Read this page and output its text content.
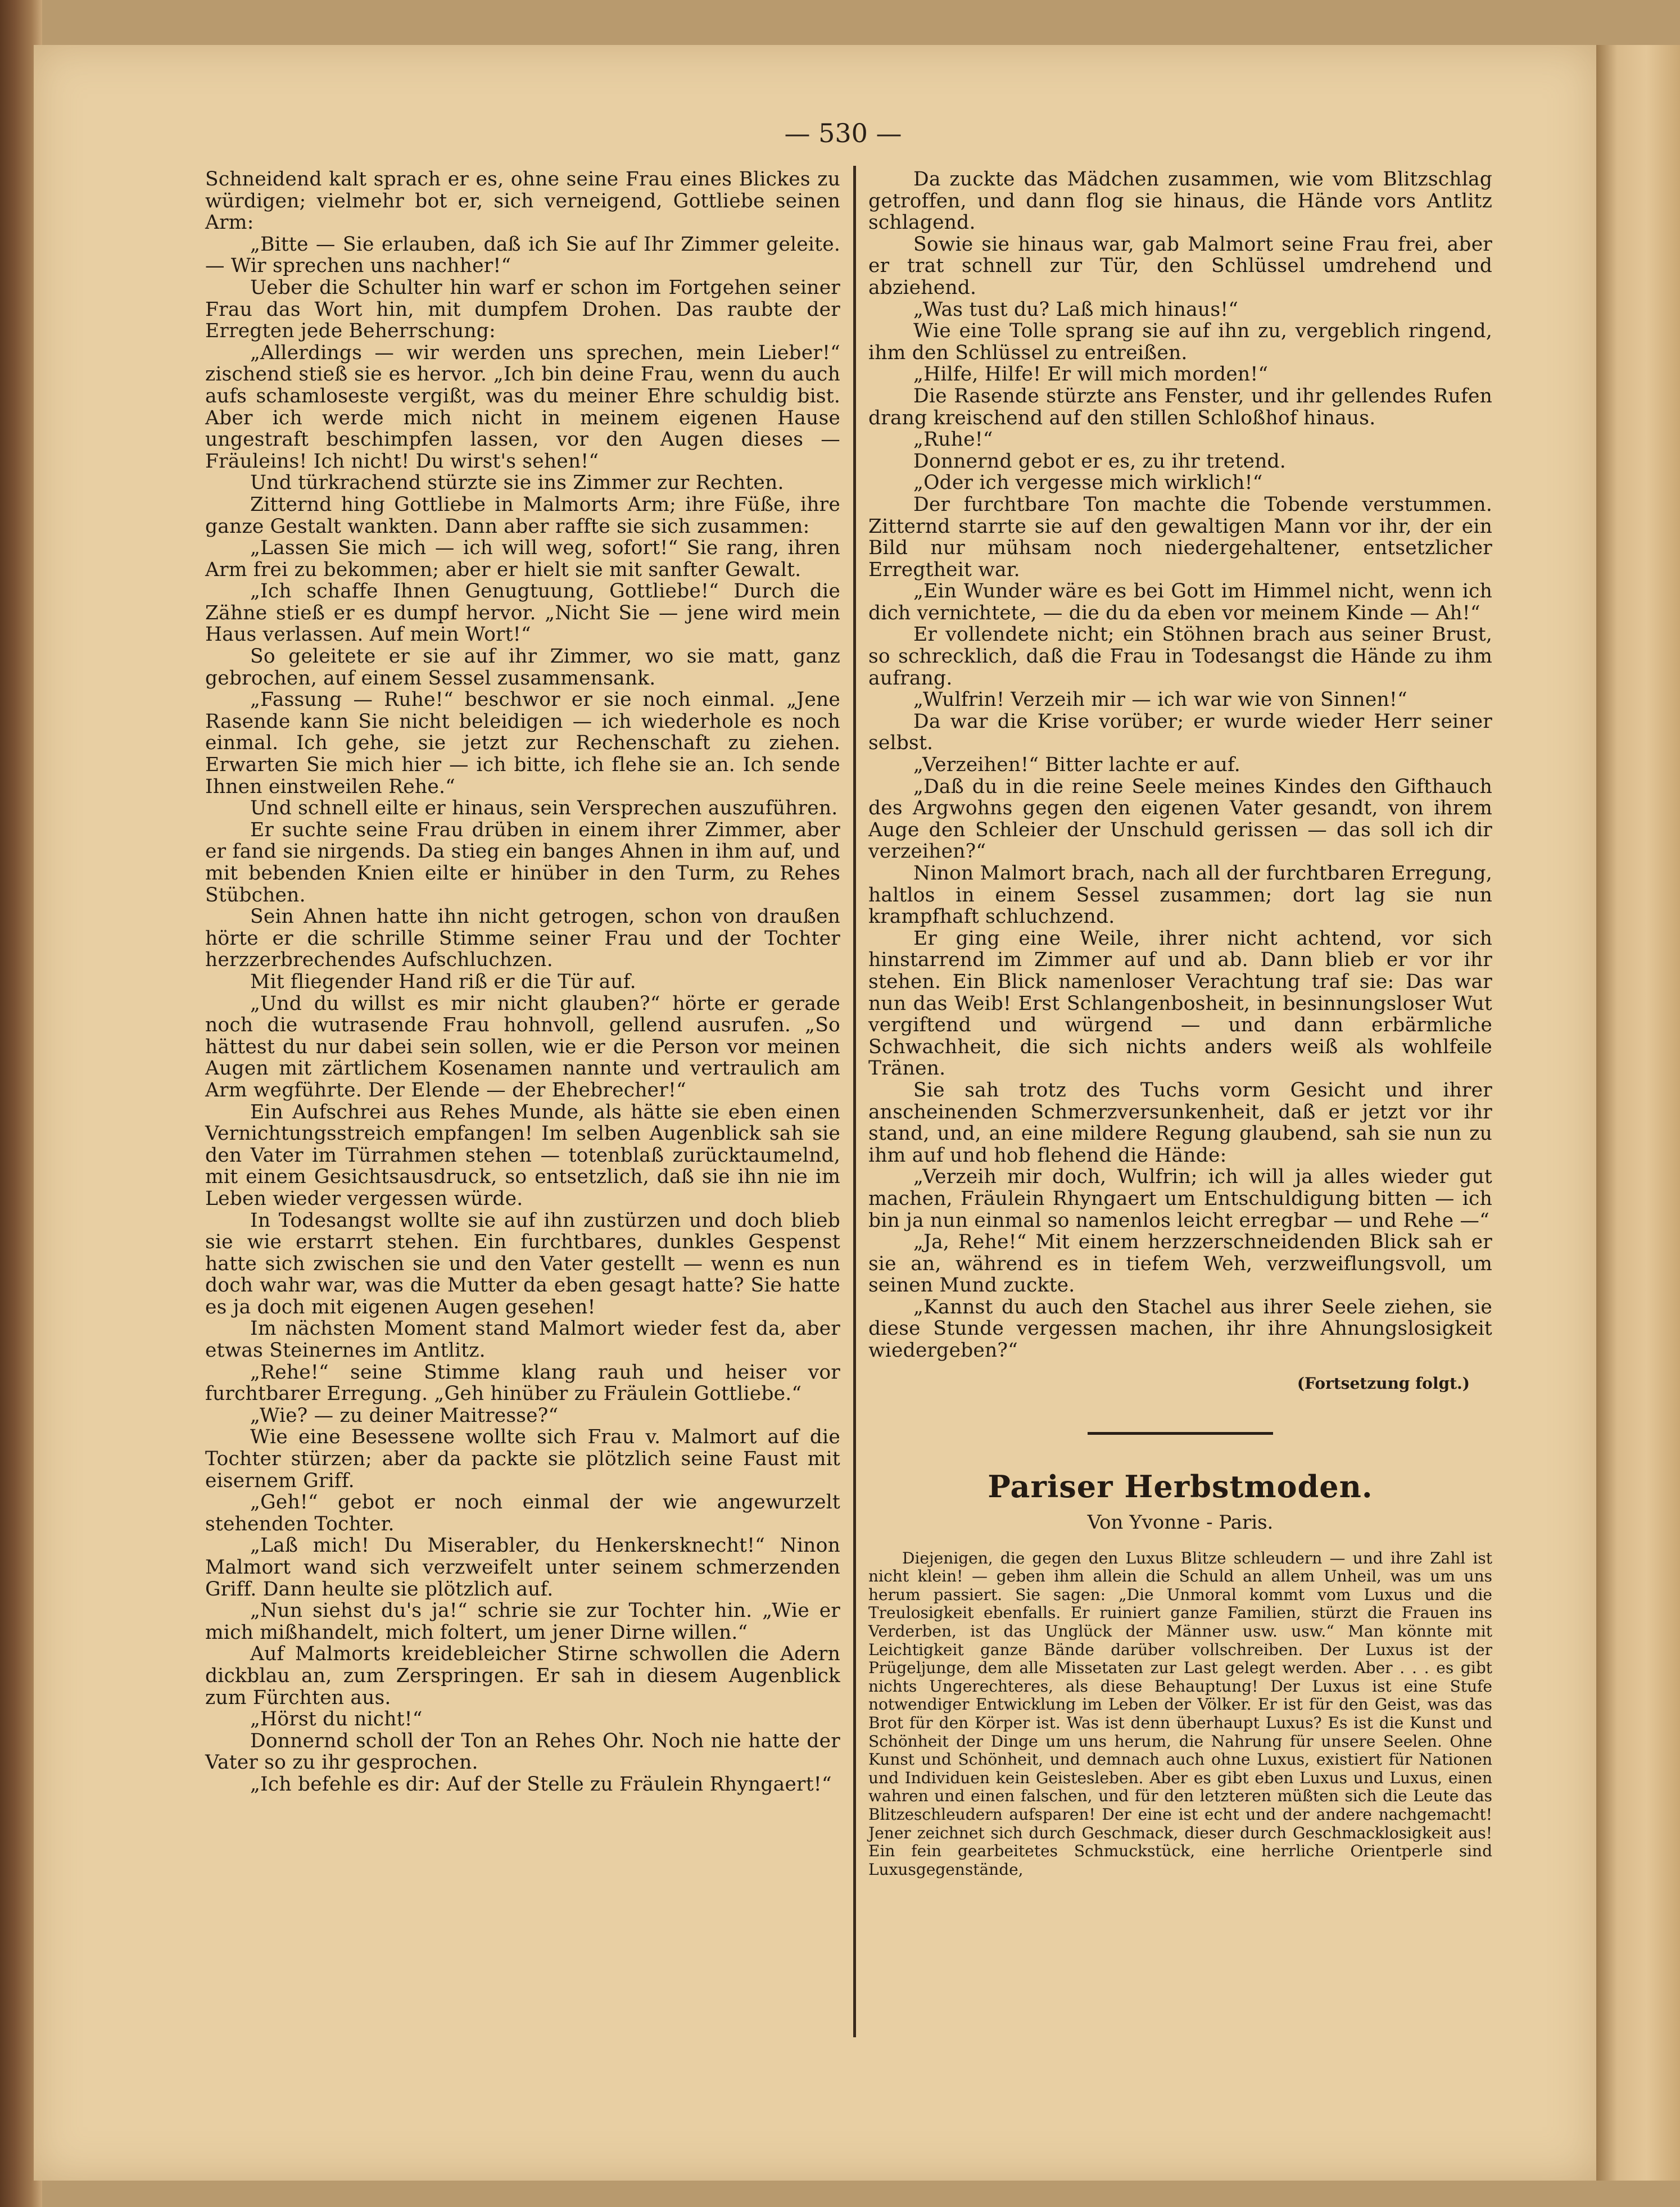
— 530 —

Schneidend kalt sprach er es, ohne seine Frau eines Blickes zu würdigen; vielmehr bot er, sich verneigend, Gottliebe seinen Arm:

„Bitte — Sie erlauben, daß ich Sie auf Ihr Zimmer geleite. — Wir sprechen uns nachher!“

Ueber die Schulter hin warf er schon im Fortgehen seiner Frau das Wort hin, mit dumpfem Drohen. Das raubte der Erregten jede Beherrschung:

„Allerdings — wir werden uns sprechen, mein Lieber!“ zischend stieß sie es hervor. „Ich bin deine Frau, wenn du auch aufs schamloseste vergißt, was du meiner Ehre schuldig bist. Aber ich werde mich nicht in meinem eigenen Hause ungestraft beschimpfen lassen, vor den Augen dieses — Fräuleins! Ich nicht! Du wirst's sehen!“

Und türkrachend stürzte sie ins Zimmer zur Rechten.

Zitternd hing Gottliebe in Malmorts Arm; ihre Füße, ihre ganze Gestalt wankten. Dann aber raffte sie sich zusammen:

„Lassen Sie mich — ich will weg, sofort!“ Sie rang, ihren Arm frei zu bekommen; aber er hielt sie mit sanfter Gewalt.

„Ich schaffe Ihnen Genugtuung, Gottliebe!“ Durch die Zähne stieß er es dumpf hervor. „Nicht Sie — jene wird mein Haus verlassen. Auf mein Wort!“

So geleitete er sie auf ihr Zimmer, wo sie matt, ganz gebrochen, auf einem Sessel zusammensank.

„Fassung — Ruhe!“ beschwor er sie noch einmal. „Jene Rasende kann Sie nicht beleidigen — ich wiederhole es noch einmal. Ich gehe, sie jetzt zur Rechenschaft zu ziehen. Erwarten Sie mich hier — ich bitte, ich flehe sie an. Ich sende Ihnen einstweilen Rehe.“

Und schnell eilte er hinaus, sein Versprechen auszuführen.

Er suchte seine Frau drüben in einem ihrer Zimmer, aber er fand sie nirgends. Da stieg ein banges Ahnen in ihm auf, und mit bebenden Knien eilte er hinüber in den Turm, zu Rehes Stübchen.

Sein Ahnen hatte ihn nicht getrogen, schon von draußen hörte er die schrille Stimme seiner Frau und der Tochter herzzerbrechendes Aufschluchzen.

Mit fliegender Hand riß er die Tür auf.

„Und du willst es mir nicht glauben?“ hörte er gerade noch die wutrasende Frau hohnvoll, gellend ausrufen. „So hättest du nur dabei sein sollen, wie er die Person vor meinen Augen mit zärtlichem Kosenamen nannte und vertraulich am Arm wegführte. Der Elende — der Ehebrecher!“

Ein Aufschrei aus Rehes Munde, als hätte sie eben einen Vernichtungsstreich empfangen! Im selben Augenblick sah sie den Vater im Türrahmen stehen — totenblaß zurücktaumelnd, mit einem Gesichtsausdruck, so entsetzlich, daß sie ihn nie im Leben wieder vergessen würde.

In Todesangst wollte sie auf ihn zustürzen und doch blieb sie wie erstarrt stehen. Ein furchtbares, dunkles Gespenst hatte sich zwischen sie und den Vater gestellt — wenn es nun doch wahr war, was die Mutter da eben gesagt hatte? Sie hatte es ja doch mit eigenen Augen gesehen!

Im nächsten Moment stand Malmort wieder fest da, aber etwas Steinernes im Antlitz.

„Rehe!“ seine Stimme klang rauh und heiser vor furchtbarer Erregung. „Geh hinüber zu Fräulein Gottliebe.“

„Wie? — zu deiner Maitresse?“

Wie eine Besessene wollte sich Frau v. Malmort auf die Tochter stürzen; aber da packte sie plötzlich seine Faust mit eisernem Griff.

„Geh!“ gebot er noch einmal der wie angewurzelt stehenden Tochter.

„Laß mich! Du Miserabler, du Henkersknecht!“ Ninon Malmort wand sich verzweifelt unter seinem schmerzenden Griff. Dann heulte sie plötzlich auf.

„Nun siehst du's ja!“ schrie sie zur Tochter hin. „Wie er mich mißhandelt, mich foltert, um jener Dirne willen.“

Auf Malmorts kreidebleicher Stirne schwollen die Adern dickblau an, zum Zerspringen. Er sah in diesem Augenblick zum Fürchten aus.

„Hörst du nicht!“

Donnernd scholl der Ton an Rehes Ohr. Noch nie hatte der Vater so zu ihr gesprochen.

„Ich befehle es dir: Auf der Stelle zu Fräulein Rhyngaert!“

Da zuckte das Mädchen zusammen, wie vom Blitzschlag getroffen, und dann flog sie hinaus, die Hände vors Antlitz schlagend.

Sowie sie hinaus war, gab Malmort seine Frau frei, aber er trat schnell zur Tür, den Schlüssel umdrehend und abziehend.

„Was tust du? Laß mich hinaus!“

Wie eine Tolle sprang sie auf ihn zu, vergeblich ringend, ihm den Schlüssel zu entreißen.

„Hilfe, Hilfe! Er will mich morden!“

Die Rasende stürzte ans Fenster, und ihr gellendes Rufen drang kreischend auf den stillen Schloßhof hinaus.

„Ruhe!“

Donnernd gebot er es, zu ihr tretend.

„Oder ich vergesse mich wirklich!“

Der furchtbare Ton machte die Tobende verstummen. Zitternd starrte sie auf den gewaltigen Mann vor ihr, der ein Bild nur mühsam noch niedergehaltener, entsetzlicher Erregtheit war.

„Ein Wunder wäre es bei Gott im Himmel nicht, wenn ich dich vernichtete, — die du da eben vor meinem Kinde — Ah!“

Er vollendete nicht; ein Stöhnen brach aus seiner Brust, so schrecklich, daß die Frau in Todesangst die Hände zu ihm aufrang.

„Wulfrin! Verzeih mir — ich war wie von Sinnen!“

Da war die Krise vorüber; er wurde wieder Herr seiner selbst.

„Verzeihen!“ Bitter lachte er auf.

„Daß du in die reine Seele meines Kindes den Gifthauch des Argwohns gegen den eigenen Vater gesandt, von ihrem Auge den Schleier der Unschuld gerissen — das soll ich dir verzeihen?“

Ninon Malmort brach, nach all der furchtbaren Erregung, haltlos in einem Sessel zusammen; dort lag sie nun krampfhaft schluchzend.

Er ging eine Weile, ihrer nicht achtend, vor sich hinstarrend im Zimmer auf und ab. Dann blieb er vor ihr stehen. Ein Blick namenloser Verachtung traf sie: Das war nun das Weib! Erst Schlangenbosheit, in besinnungsloser Wut vergiftend und würgend — und dann erbärmliche Schwachheit, die sich nichts anders weiß als wohlfeile Tränen.

Sie sah trotz des Tuchs vorm Gesicht und ihrer anscheinenden Schmerzversunkenheit, daß er jetzt vor ihr stand, und, an eine mildere Regung glaubend, sah sie nun zu ihm auf und hob flehend die Hände:

„Verzeih mir doch, Wulfrin; ich will ja alles wieder gut machen, Fräulein Rhyngaert um Entschuldigung bitten — ich bin ja nun einmal so namenlos leicht erregbar — und Rehe —“

„Ja, Rehe!“ Mit einem herzzerschneidenden Blick sah er sie an, während es in tiefem Weh, verzweiflungsvoll, um seinen Mund zuckte.

„Kannst du auch den Stachel aus ihrer Seele ziehen, sie diese Stunde vergessen machen, ihr ihre Ahnungslosigkeit wiedergeben?“

(Fortsetzung folgt.)

Pariser Herbstmoden.

Von Yvonne - Paris.

Diejenigen, die gegen den Luxus Blitze schleudern — und ihre Zahl ist nicht klein! — geben ihm allein die Schuld an allem Unheil, was um uns herum passiert. Sie sagen: „Die Unmoral kommt vom Luxus und die Treulosigkeit ebenfalls. Er ruiniert ganze Familien, stürzt die Frauen ins Verderben, ist das Unglück der Männer usw. usw.“ Man könnte mit Leichtigkeit ganze Bände darüber vollschreiben. Der Luxus ist der Prügeljunge, dem alle Missetaten zur Last gelegt werden. Aber . . . es gibt nichts Ungerechteres, als diese Behauptung! Der Luxus ist eine Stufe notwendiger Entwicklung im Leben der Völker. Er ist für den Geist, was das Brot für den Körper ist. Was ist denn überhaupt Luxus? Es ist die Kunst und Schönheit der Dinge um uns herum, die Nahrung für unsere Seelen. Ohne Kunst und Schönheit, und demnach auch ohne Luxus, existiert für Nationen und Individuen kein Geistesleben. Aber es gibt eben Luxus und Luxus, einen wahren und einen falschen, und für den letzteren müßten sich die Leute das Blitzeschleudern aufsparen! Der eine ist echt und der andere nachgemacht! Jener zeichnet sich durch Geschmack, dieser durch Geschmacklosigkeit aus! Ein fein gearbeitetes Schmuckstück, eine herrliche Orientperle sind Luxusgegenstände,
